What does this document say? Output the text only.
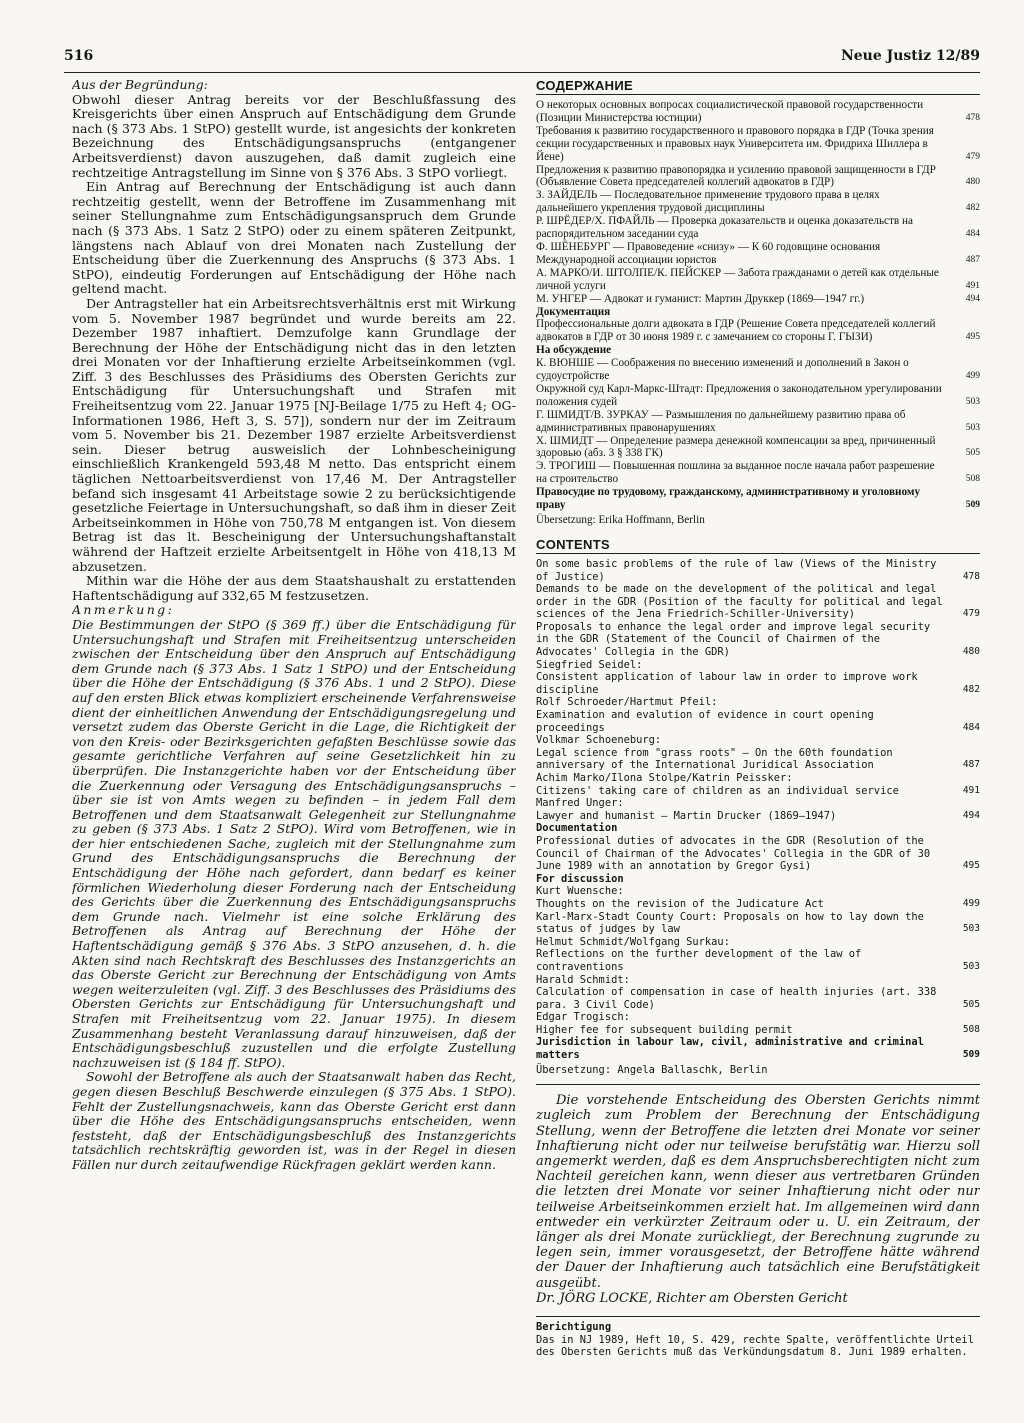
516	Neue Justiz 12/89

Aus der Begründung:

Obwohl dieser Antrag bereits vor der Beschlußfassung des Kreisgerichts über einen Anspruch auf Entschädigung dem Grunde nach (§ 373 Abs. 1 StPO) gestellt wurde, ist angesichts der konkreten Bezeichnung des Entschädigungsanspruchs (entgangener Arbeitsverdienst) davon auszugehen, daß damit zugleich eine rechtzeitige Antragstellung im Sinne von § 376 Abs. 3 StPO vorliegt.

Ein Antrag auf Berechnung der Entschädigung ist auch dann rechtzeitig gestellt, wenn der Betroffene im Zusammenhang mit seiner Stellungnahme zum Entschädigungsanspruch dem Grunde nach (§ 373 Abs. 1 Satz 2 StPO) oder zu einem späteren Zeitpunkt, längstens nach Ablauf von drei Monaten nach Zustellung der Entscheidung über die Zuerkennung des Anspruchs (§ 373 Abs. 1 StPO), eindeutig Forderungen auf Entschädigung der Höhe nach geltend macht.

Der Antragsteller hat ein Arbeitsrechtsverhältnis erst mit Wirkung vom 5. November 1987 begründet und wurde bereits am 22. Dezember 1987 inhaftiert. Demzufolge kann Grundlage der Berechnung der Höhe der Entschädigung nicht das in den letzten drei Monaten vor der Inhaftierung erzielte Arbeitseinkommen (vgl. Ziff. 3 des Beschlusses des Präsidiums des Obersten Gerichts zur Entschädigung für Untersuchungshaft und Strafen mit Freiheitsentzug vom 22. Januar 1975 [NJ-Beilage 1/75 zu Heft 4; OG-Informationen 1986, Heft 3, S. 57]), sondern nur der im Zeitraum vom 5. November bis 21. Dezember 1987 erzielte Arbeitsverdienst sein. Dieser betrug ausweislich der Lohnbescheinigung einschließlich Krankengeld 593,48 M netto. Das entspricht einem täglichen Nettoarbeitsverdienst von 17,46 M. Der Antragsteller befand sich insgesamt 41 Arbeitstage sowie 2 zu berücksichtigende gesetzliche Feiertage in Untersuchungshaft, so daß ihm in dieser Zeit Arbeitseinkommen in Höhe von 750,78 M entgangen ist. Von diesem Betrag ist das lt. Bescheinigung der Untersuchungshaftanstalt während der Haftzeit erzielte Arbeitsentgelt in Höhe von 418,13 M abzusetzen.

Mithin war die Höhe der aus dem Staatshaushalt zu erstattenden Haftentschädigung auf 332,65 M festzusetzen.

Anmerkung:

Die Bestimmungen der StPO (§ 369 ff.) über die Entschädigung für Untersuchungshaft und Strafen mit Freiheitsentzug unterscheiden zwischen der Entscheidung über den Anspruch auf Entschädigung dem Grunde nach (§ 373 Abs. 1 Satz 1 StPO) und der Entscheidung über die Höhe der Entschädigung (§ 376 Abs. 1 und 2 StPO). Diese auf den ersten Blick etwas kompliziert erscheinende Verfahrensweise dient der einheitlichen Anwendung der Entschädigungsregelung und versetzt zudem das Oberste Gericht in die Lage, die Richtigkeit der von den Kreis- oder Bezirksgerichten gefaßten Beschlüsse sowie das gesamte gerichtliche Verfahren auf seine Gesetzlichkeit hin zu überprüfen. Die Instanzgerichte haben vor der Entscheidung über die Zuerkennung oder Versagung des Entschädigungsanspruchs – über sie ist von Amts wegen zu befinden – in jedem Fall dem Betroffenen und dem Staatsanwalt Gelegenheit zur Stellungnahme zu geben (§ 373 Abs. 1 Satz 2 StPO). Wird vom Betroffenen, wie in der hier entschiedenen Sache, zugleich mit der Stellungnahme zum Grund des Entschädigungsanspruchs die Berechnung der Entschädigung der Höhe nach gefordert, dann bedarf es keiner förmlichen Wiederholung dieser Forderung nach der Entscheidung des Gerichts über die Zuerkennung des Entschädigungsanspruchs dem Grunde nach. Vielmehr ist eine solche Erklärung des Betroffenen als Antrag auf Berechnung der Höhe der Haftentschädigung gemäß § 376 Abs. 3 StPO anzusehen, d. h. die Akten sind nach Rechtskraft des Beschlusses des Instanzgerichts an das Oberste Gericht zur Berechnung der Entschädigung von Amts wegen weiterzuleiten (vgl. Ziff. 3 des Beschlusses des Präsidiums des Obersten Gerichts zur Entschädigung für Untersuchungshaft und Strafen mit Freiheitsentzug vom 22. Januar 1975). In diesem Zusammenhang besteht Veranlassung darauf hinzuweisen, daß der Entschädigungsbeschluß zuzustellen und die erfolgte Zustellung nachzuweisen ist (§ 184 ff. StPO).

Sowohl der Betroffene als auch der Staatsanwalt haben das Recht, gegen diesen Beschluß Beschwerde einzulegen (§ 375 Abs. 1 StPO). Fehlt der Zustellungsnachweis, kann das Oberste Gericht erst dann über die Höhe des Entschädigungsanspruchs entscheiden, wenn feststeht, daß der Entschädigungsbeschluß des Instanzgerichts tatsächlich rechtskräftig geworden ist, was in der Regel in diesen Fällen nur durch zeitaufwendige Rückfragen geklärt werden kann.

СОДЕРЖАНИЕ
О некоторых основных вопросах социалистической правовой государственности (Позиции Министерства юстиции)	478
Требования к развитию государственного и правового порядка в ГДР (Точка зрения секции государственных и правовых наук Университета им. Фридриха Шиллера в Йене)	479
Предложения к развитию правопорядка и усилению правовой защищенности в ГДР (Объявление Совета председателей коллегий адвокатов в ГДР)	480
З. ЗАЙДЕЛЬ — Последовательное применение трудового права в целях дальнейшего укрепления трудовой дисциплины	482
Р. ШРЁДЕР/Х. ПФАЙЛЬ — Проверка доказательств и оценка доказательств на распорядительном заседании суда	484
Ф. ШЁНЕБУРГ — Правоведение «снизу» — К 60 годовщине основания Международной ассоциации юристов	487
А. МАРКО/И. ШТОЛПЕ/К. ПЕЙСКЕР — Забота гражданами о детей как отдельные личной услуги	491
М. УНГЕР — Адвокат и гуманист: Мартин Друккер (1869—1947 гг.)	494
Документация
Профессиональные долги адвоката в ГДР (Решение Совета председателей коллегий адвокатов в ГДР от 30 июня 1989 г. с замечанием со стороны Г. ГЫЗИ)	495
На обсуждение
К. ВЮНШЕ — Соображения по внесению изменений и дополнений в Закон о судоустройстве	499
Окружной суд Карл-Маркс-Штадт: Предложения о законодательном урегулировании положения судей	503
Г. ШМИДТ/В. ЗУРКАУ — Размышления по дальнейшему развитию права об административных правонарушениях	503
Х. ШМИДТ — Определение размера денежной компенсации за вред, причиненный здоровью (абз. 3 § 338 ГК)	505
Э. ТРОГИШ — Повышенная пошлина за выданное после начала работ разрешение на строительство	508
Правосудие по трудовому, гражданскому, административному и уголовному праву	509
Übersetzung: Erika Hoffmann, Berlin
CONTENTS
On some basic problems of the rule of law (Views of the Ministry of Justice)	478
Demands to be made on the development of the political and legal order in the GDR (Position of the faculty for political and legal sciences of the Jena Friedrich-Schiller-University)	479
Proposals to enhance the legal order and improve legal security in the GDR (Statement of the Council of Chairmen of the Advocates' Collegia in the GDR)	480
Siegfried Seidel:
Consistent application of labour law in order to improve work discipline	482
Rolf Schroeder/Hartmut Pfeil:
Examination and evalution of evidence in court opening proceedings	484
Volkmar Schoeneburg:
Legal science from "grass roots" — On the 60th foundation anniversary of the International Juridical Association	487
Achim Marko/Ilona Stolpe/Katrin Peissker:
Citizens' taking care of children as an individual service	491
Manfred Unger:
Lawyer and humanist — Martin Drucker (1869—1947)	494
Documentation
Professional duties of advocates in the GDR (Resolution of the Council of Chairman of the Advocates' Collegia in the GDR of 30 June 1989 with an annotation by Gregor Gysi)	495
For discussion
Kurt Wuensche:
Thoughts on the revision of the Judicature Act	499
Karl-Marx-Stadt County Court: Proposals on how to lay down the status of judges by law	503
Helmut Schmidt/Wolfgang Surkau:
Reflections on the further development of the law of contraventions	503
Harald Schmidt:
Calculation of compensation in case of health injuries (art. 338 para. 3 Civil Code)	505
Edgar Trogisch:
Higher fee for subsequent building permit	508
Jurisdiction in labour law, civil, administrative and criminal matters	509
Übersetzung: Angela Ballaschk, Berlin

Die vorstehende Entscheidung des Obersten Gerichts nimmt zugleich zum Problem der Berechnung der Entschädigung Stellung, wenn der Betroffene die letzten drei Monate vor seiner Inhaftierung nicht oder nur teilweise berufstätig war. Hierzu soll angemerkt werden, daß es dem Anspruchsberechtigten nicht zum Nachteil gereichen kann, wenn dieser aus vertretbaren Gründen die letzten drei Monate vor seiner Inhaftierung nicht oder nur teilweise Arbeitseinkommen erzielt hat. Im allgemeinen wird dann entweder ein verkürzter Zeitraum oder u. U. ein Zeitraum, der länger als drei Monate zurückliegt, der Berechnung zugrunde zu legen sein, immer vorausgesetzt, der Betroffene hätte während der Dauer der Inhaftierung auch tatsächlich eine Berufstätigkeit ausgeübt.

Dr. JÖRG LOCKE, Richter am Obersten Gericht

Berichtigung
Das in NJ 1989, Heft 10, S. 429, rechte Spalte, veröffentlichte Urteil des Obersten Gerichts muß das Verkündungsdatum 8. Juni 1989 erhalten.
